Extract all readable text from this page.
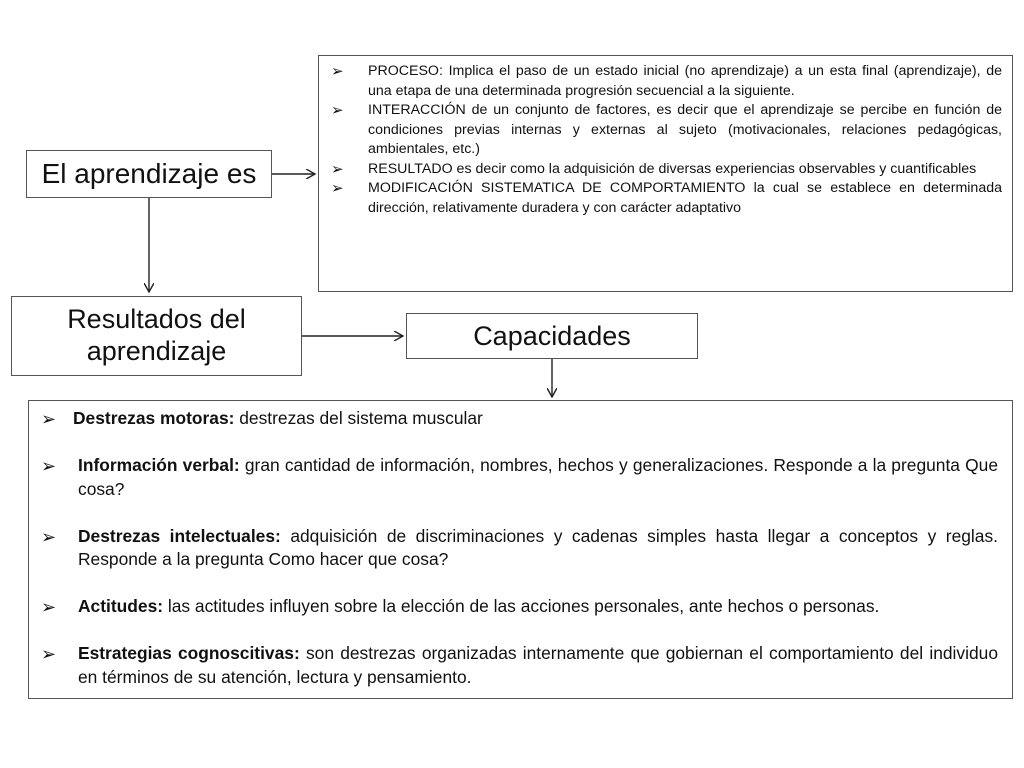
El aprendizaje es
Resultados del aprendizaje
Capacidades
➢ PROCESO: Implica el paso de un estado inicial (no aprendizaje) a un esta final (aprendizaje), de una etapa de una determinada progresión secuencial a la siguiente.
➢ INTERACCIÓN de un conjunto de factores, es decir que el aprendizaje se percibe en función de condiciones previas internas y externas al sujeto (motivacionales, relaciones pedagógicas, ambientales, etc.)
➢ RESULTADO es decir como la adquisición de diversas experiencias observables y cuantificables
➢ MODIFICACIÓN SISTEMATICA DE COMPORTAMIENTO la cual se establece en determinada dirección, relativamente duradera y con carácter adaptativo
➢ Destrezas motoras: destrezas del sistema muscular
➢ Información verbal: gran cantidad de información, nombres, hechos y generalizaciones. Responde a la pregunta Que cosa?
➢ Destrezas intelectuales: adquisición de discriminaciones y cadenas simples hasta llegar a conceptos y reglas. Responde a la pregunta Como hacer que cosa?
➢ Actitudes: las actitudes influyen sobre la elección de las acciones personales, ante hechos o personas.
➢ Estrategias cognoscitivas: son destrezas organizadas internamente que gobiernan el comportamiento del individuo en términos de su atención, lectura y pensamiento.
